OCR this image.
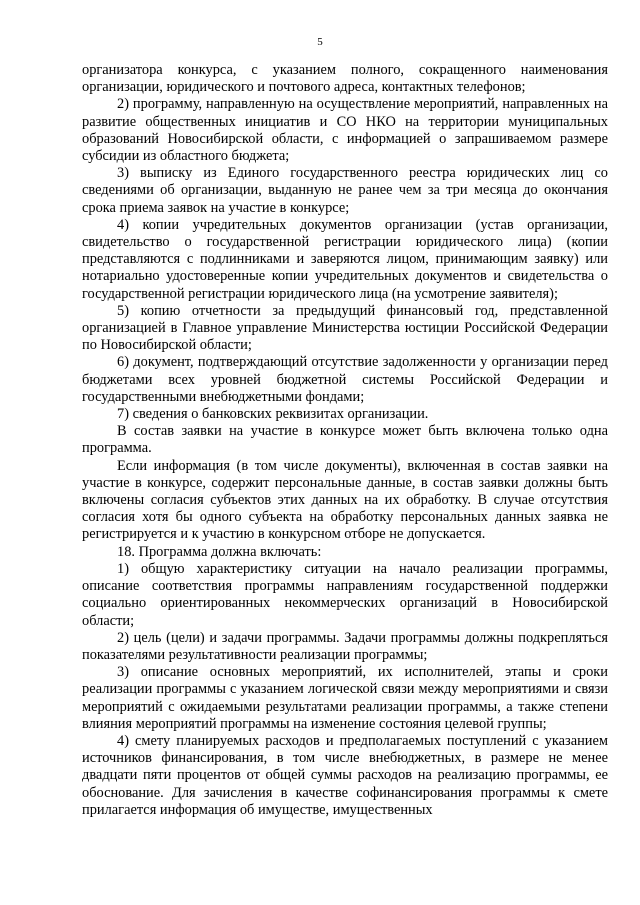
5

организатора конкурса, с указанием полного, сокращенного наименования организации, юридического и почтового адреса, контактных телефонов;

2) программу, направленную на осуществление мероприятий, направленных на развитие общественных инициатив и СО НКО на территории муниципальных образований Новосибирской области, с информацией о запрашиваемом размере субсидии из областного бюджета;

3) выписку из Единого государственного реестра юридических лиц со сведениями об организации, выданную не ранее чем за три месяца до окончания срока приема заявок на участие в конкурсе;

4) копии учредительных документов организации (устав организации, свидетельство о государственной регистрации юридического лица) (копии представляются с подлинниками и заверяются лицом, принимающим заявку) или нотариально удостоверенные копии учредительных документов и свидетельства о государственной регистрации юридического лица (на усмотрение заявителя);

5) копию отчетности за предыдущий финансовый год, представленной организацией в Главное управление Министерства юстиции Российской Федерации по Новосибирской области;

6) документ, подтверждающий отсутствие задолженности у организации перед бюджетами всех уровней бюджетной системы Российской Федерации и государственными внебюджетными фондами;

7) сведения о банковских реквизитах организации.

В состав заявки на участие в конкурсе может быть включена только одна программа.

Если информация (в том числе документы), включенная в состав заявки на участие в конкурсе, содержит персональные данные, в состав заявки должны быть включены согласия субъектов этих данных на их обработку. В случае отсутствия согласия хотя бы одного субъекта на обработку персональных данных заявка не регистрируется и к участию в конкурсном отборе не допускается.

18. Программа должна включать:

1) общую характеристику ситуации на начало реализации программы, описание соответствия программы направлениям государственной поддержки социально ориентированных некоммерческих организаций в Новосибирской области;

2) цель (цели) и задачи программы. Задачи программы должны подкрепляться показателями результативности реализации программы;

3) описание основных мероприятий, их исполнителей, этапы и сроки реализации программы с указанием логической связи между мероприятиями и связи мероприятий с ожидаемыми результатами реализации программы, а также степени влияния мероприятий программы на изменение состояния целевой группы;

4) смету планируемых расходов и предполагаемых поступлений с указанием источников финансирования, в том числе внебюджетных, в размере не менее двадцати пяти процентов от общей суммы расходов на реализацию программы, ее обоснование. Для зачисления в качестве софинансирования программы к смете прилагается информация об имуществе, имущественных
